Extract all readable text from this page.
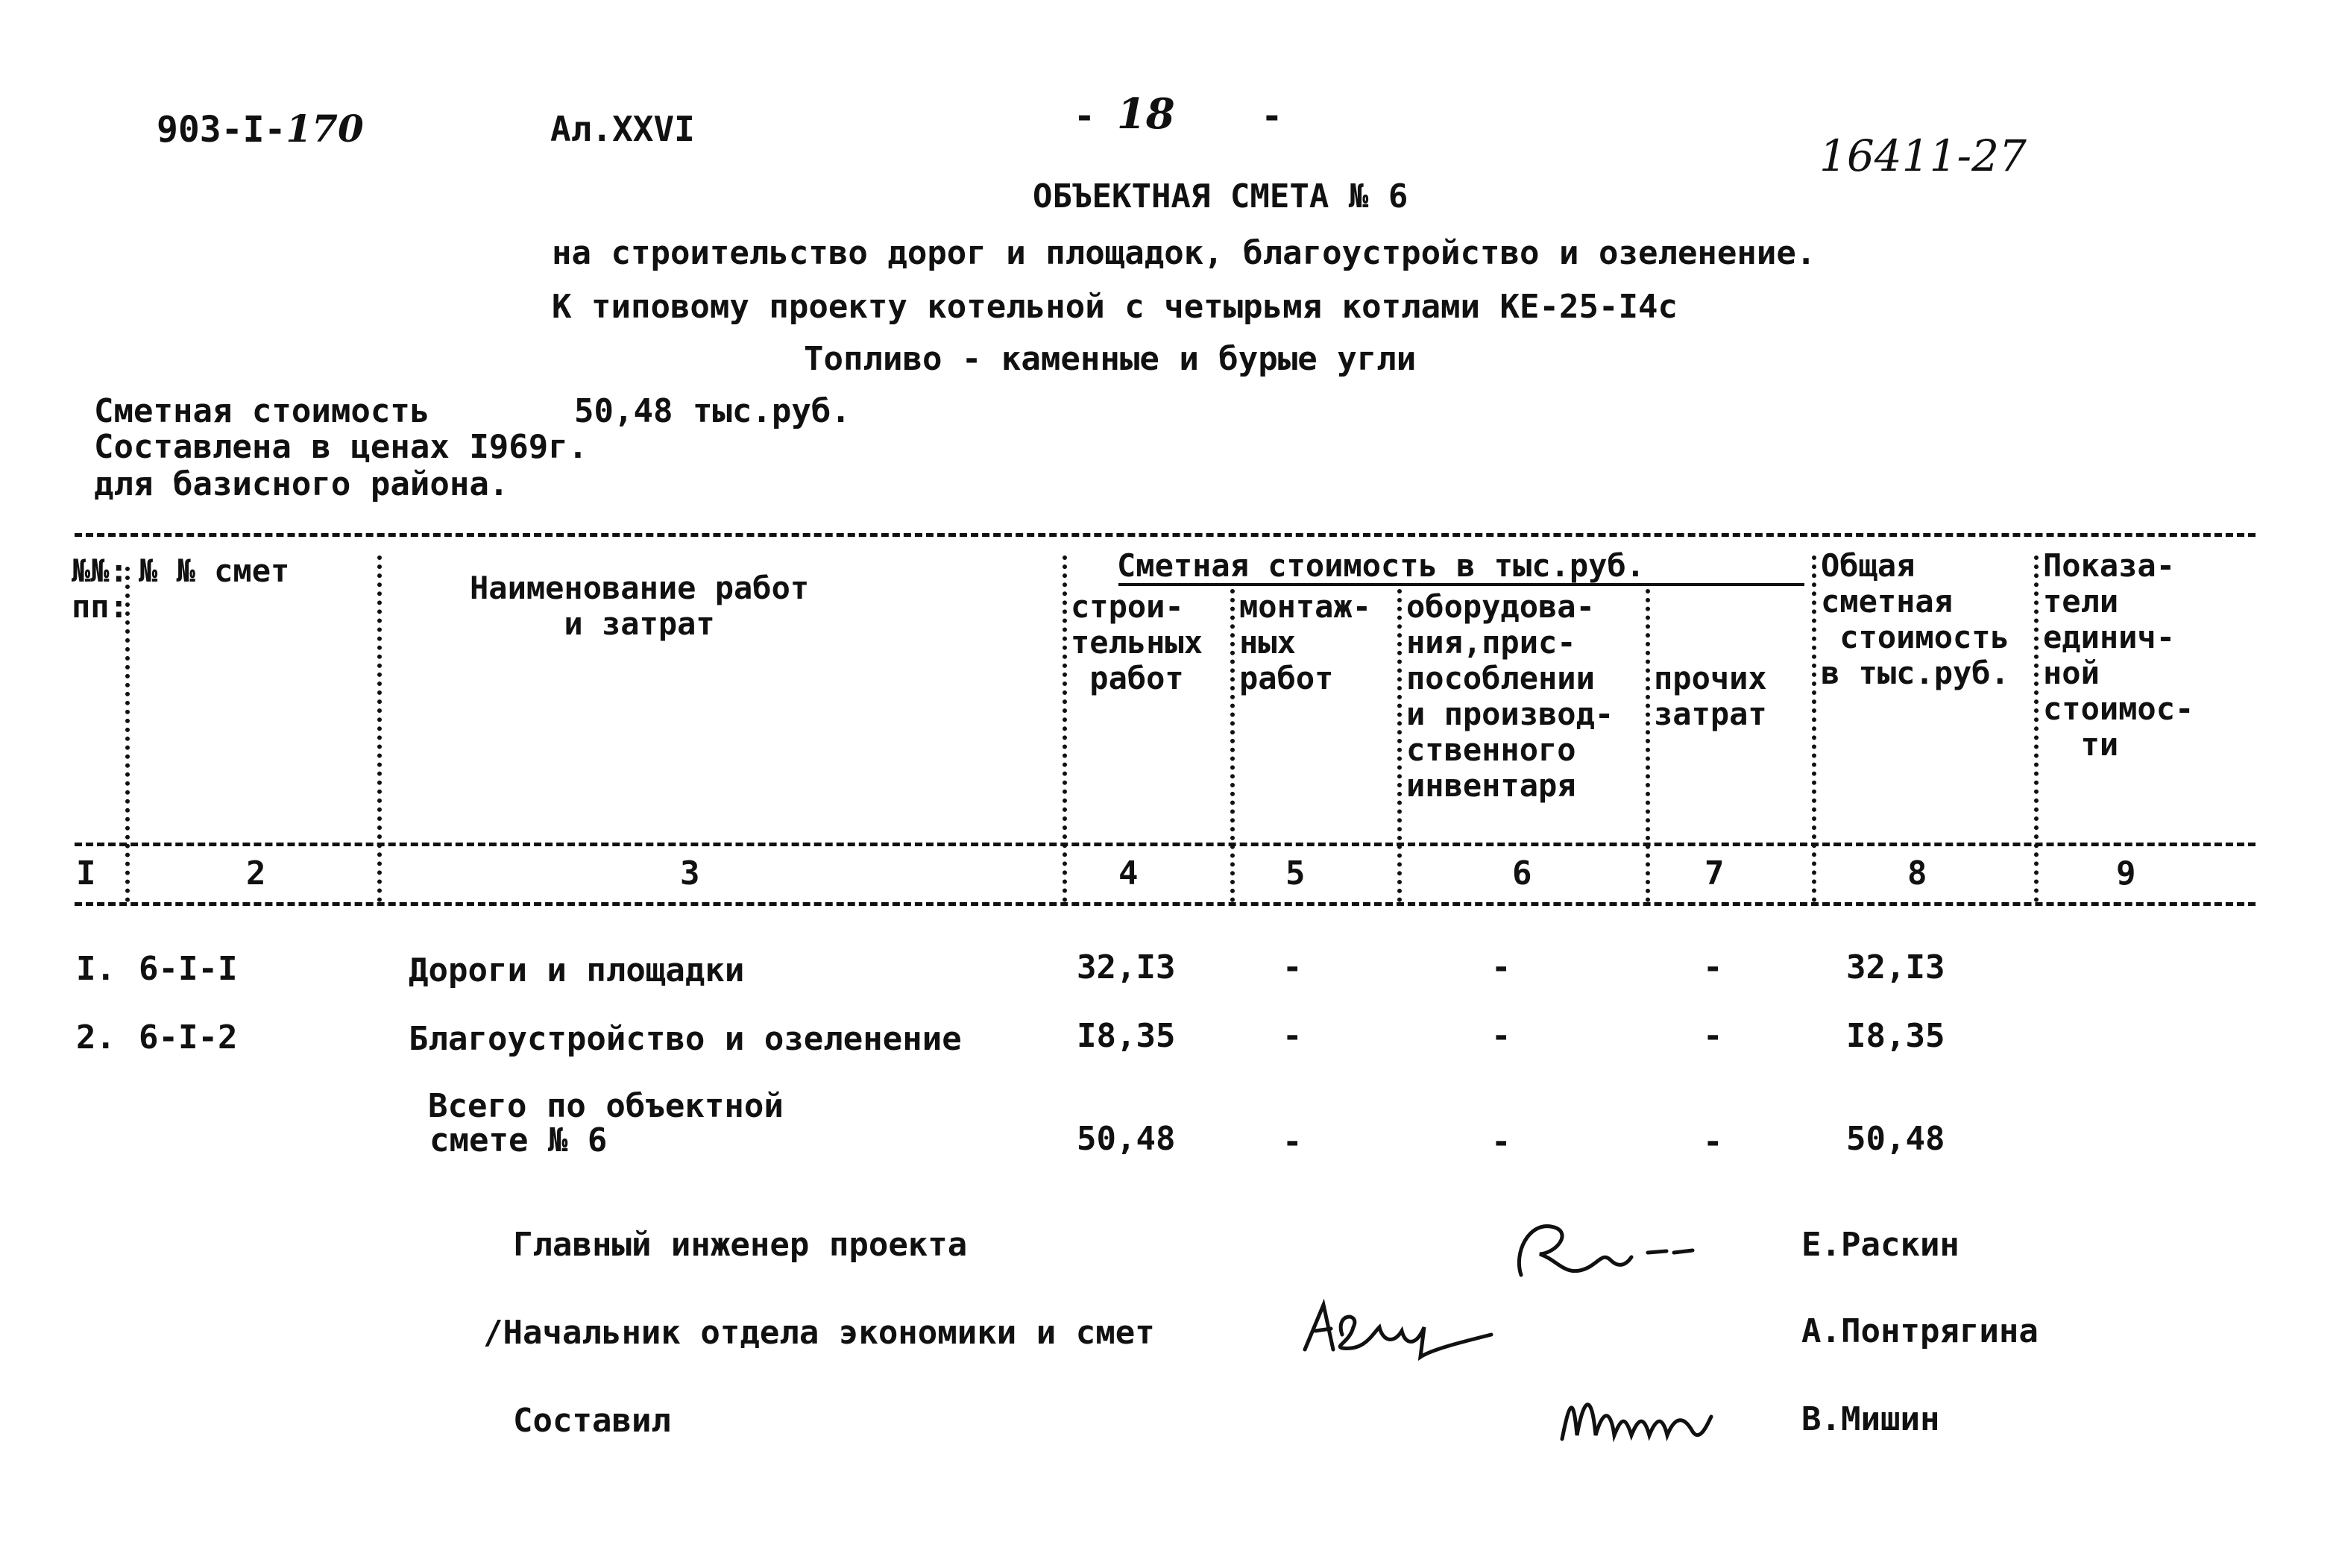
903-I-170	Ал.XXVI	- 18    -
16411-27
ОБЪЕКТНАЯ СМЕТА № 6
на строительство дорог и площадок, благоустройство и озеленение.
К типовому проекту котельной с четырьмя котлами КЕ-25-I4с
Топливо - каменные и бурые угли
Сметная стоимость	50,48 тыс.руб.
Составлена в ценах I969г.
для базисного района.
№№:
пп:
№ № смет	Наименование работ
и затрат
Сметная стоимость в тыс.руб.
строи-
тельных
работ
монтаж-
ных
работ
оборудова-
ния,прис-
пособлении
и производ-
ственного
инвентаря

прочих
затрат
Общая
сметная
стоимость
в тыс.руб.
Показа-
тели
единич-
ной
стоимос-
ти
I	2	3	4	5	6	7	8	9
I. 6-I-I	Дороги и площадки	32,I3	-	-	-	32,I3
2. 6-I-2	Благоустройство и озеленение	I8,35	-	-	-	I8,35
Всего по объектной
смете № 6	50,48	-	-	-	50,48
Главный инженер проекта	Е.Раскин
/Начальник отдела экономики и смет	А.Понтрягина
Составил	В.Мишин
